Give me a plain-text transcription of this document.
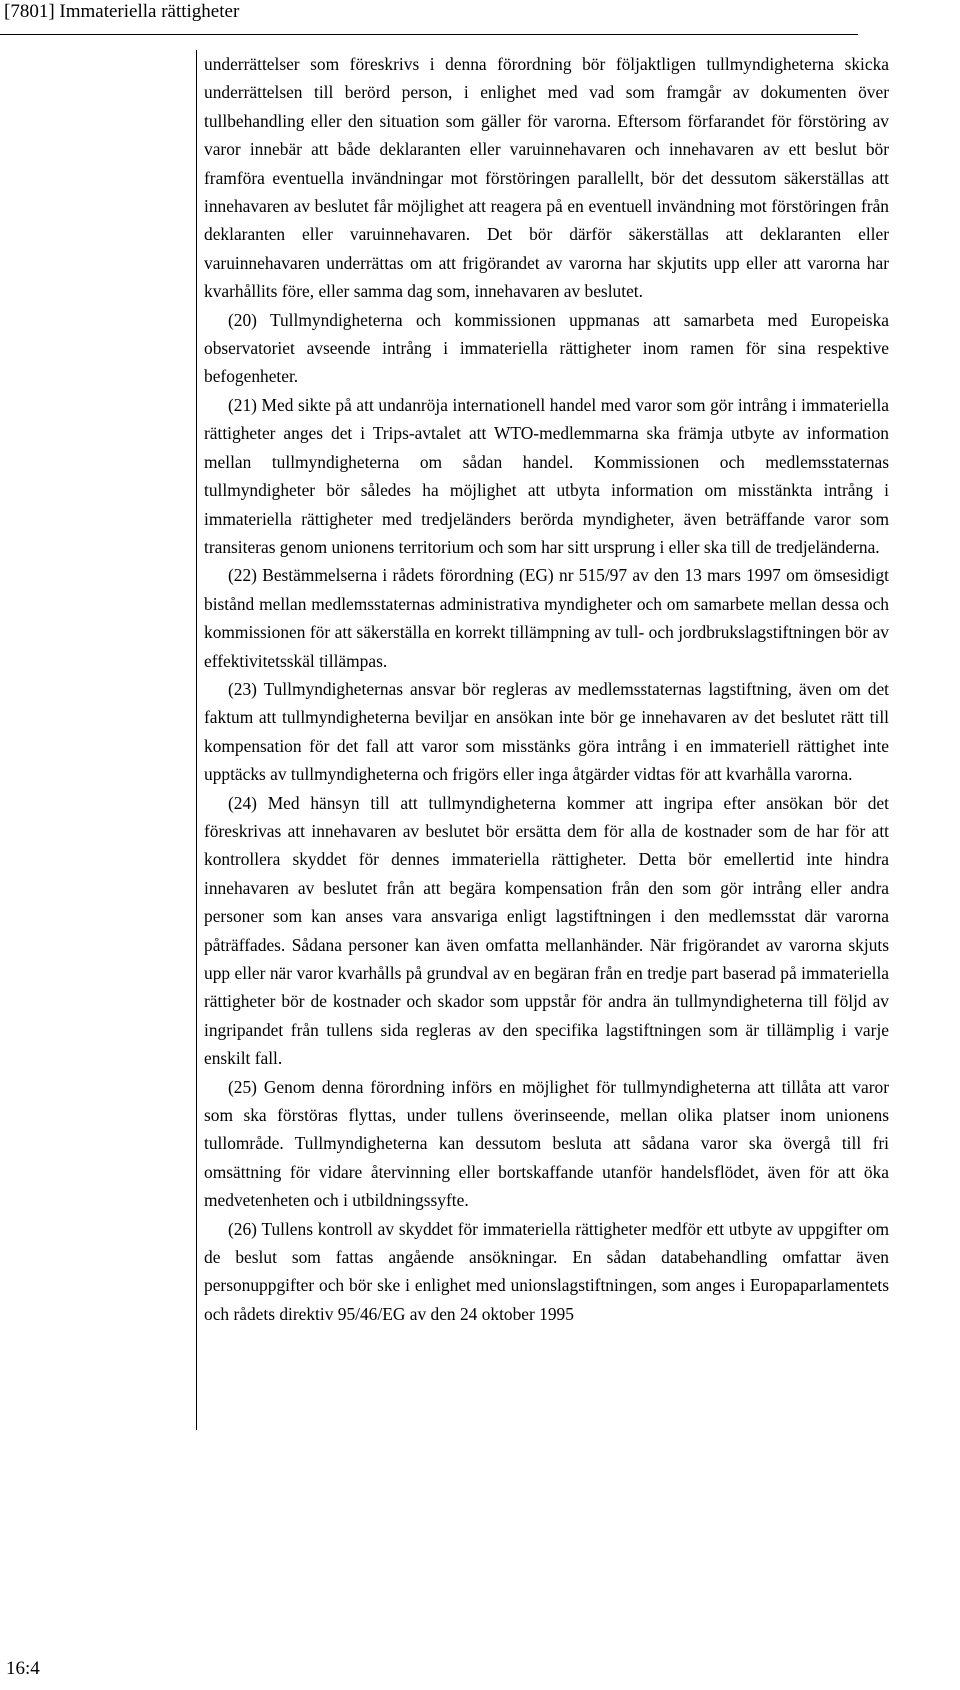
[7801] Immateriella rättigheter

underrättelser som föreskrivs i denna förordning bör följaktligen tullmyndigheterna skicka underrättelsen till berörd person, i enlighet med vad som framgår av dokumenten över tullbehandling eller den situation som gäller för varorna. Eftersom förfarandet för förstöring av varor innebär att både deklaranten eller varuinnehavaren och innehavaren av ett beslut bör framföra eventuella invändningar mot förstöringen parallellt, bör det dessutom säkerställas att innehavaren av beslutet får möjlighet att reagera på en eventuell invändning mot förstöringen från deklaranten eller varuinnehavaren. Det bör därför säkerställas att deklaranten eller varuinnehavaren underrättas om att frigörandet av varorna har skjutits upp eller att varorna har kvarhållits före, eller samma dag som, innehavaren av beslutet.

(20) Tullmyndigheterna och kommissionen uppmanas att samarbeta med Europeiska observatoriet avseende intrång i immateriella rättigheter inom ramen för sina respektive befogenheter.

(21) Med sikte på att undanröja internationell handel med varor som gör intrång i immateriella rättigheter anges det i Trips-avtalet att WTO-medlemmarna ska främja utbyte av information mellan tullmyndigheterna om sådan handel. Kommissionen och medlemsstaternas tullmyndigheter bör således ha möjlighet att utbyta information om misstänkta intrång i immateriella rättigheter med tredjeländers berörda myndigheter, även beträffande varor som transiteras genom unionens territorium och som har sitt ursprung i eller ska till de tredjeländerna.

(22) Bestämmelserna i rådets förordning (EG) nr 515/97 av den 13 mars 1997 om ömsesidigt bistånd mellan medlemsstaternas administrativa myndigheter och om samarbete mellan dessa och kommissionen för att säkerställa en korrekt tillämpning av tull- och jordbrukslagstiftningen bör av effektivitetsskäl tillämpas.

(23) Tullmyndigheternas ansvar bör regleras av medlemsstaternas lagstiftning, även om det faktum att tullmyndigheterna beviljar en ansökan inte bör ge innehavaren av det beslutet rätt till kompensation för det fall att varor som misstänks göra intrång i en immateriell rättighet inte upptäcks av tullmyndigheterna och frigörs eller inga åtgärder vidtas för att kvarhålla varorna.

(24) Med hänsyn till att tullmyndigheterna kommer att ingripa efter ansökan bör det föreskrivas att innehavaren av beslutet bör ersätta dem för alla de kostnader som de har för att kontrollera skyddet för dennes immateriella rättigheter. Detta bör emellertid inte hindra innehavaren av beslutet från att begära kompensation från den som gör intrång eller andra personer som kan anses vara ansvariga enligt lagstiftningen i den medlemsstat där varorna påträffades. Sådana personer kan även omfatta mellanhänder. När frigörandet av varorna skjuts upp eller när varor kvarhålls på grundval av en begäran från en tredje part baserad på immateriella rättigheter bör de kostnader och skador som uppstår för andra än tullmyndigheterna till följd av ingripandet från tullens sida regleras av den specifika lagstiftningen som är tillämplig i varje enskilt fall.

(25) Genom denna förordning införs en möjlighet för tullmyndigheterna att tillåta att varor som ska förstöras flyttas, under tullens överinseende, mellan olika platser inom unionens tullområde. Tullmyndigheterna kan dessutom besluta att sådana varor ska övergå till fri omsättning för vidare återvinning eller bortskaffande utanför handelsflödet, även för att öka medvetenheten och i utbildningssyfte.

(26) Tullens kontroll av skyddet för immateriella rättigheter medför ett utbyte av uppgifter om de beslut som fattas angående ansökningar. En sådan databehandling omfattar även personuppgifter och bör ske i enlighet med unionslagstiftningen, som anges i Europaparlamentets och rådets direktiv 95/46/EG av den 24 oktober 1995

16:4
